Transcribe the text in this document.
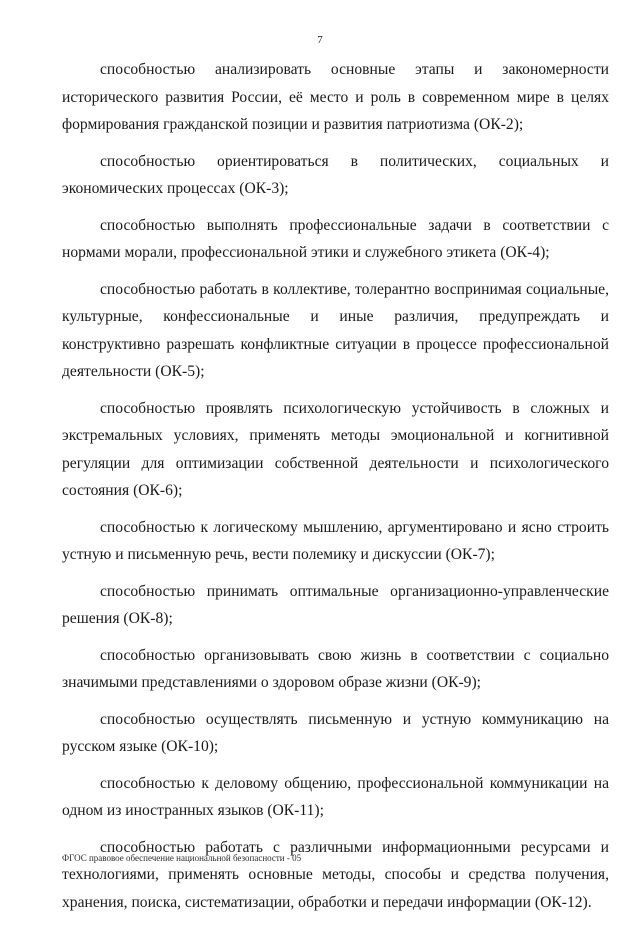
7

способностью анализировать основные этапы и закономерности исторического развития России, её место и роль в современном мире в целях формирования гражданской позиции и развития патриотизма (ОК-2);

способностью ориентироваться в политических, социальных и экономических процессах (ОК-3);

способностью выполнять профессиональные задачи в соответствии с нормами морали, профессиональной этики и служебного этикета (ОК-4);

способностью работать в коллективе, толерантно воспринимая социальные, культурные, конфессиональные и иные различия, предупреждать и конструктивно разрешать конфликтные ситуации в процессе профессиональной деятельности (ОК-5);

способностью проявлять психологическую устойчивость в сложных и экстремальных условиях, применять методы эмоциональной и когнитивной регуляции для оптимизации собственной деятельности и психологического состояния (ОК-6);

способностью к логическому мышлению, аргументировано и ясно строить устную и письменную речь, вести полемику и дискуссии (ОК-7);

способностью принимать оптимальные организационно-управленческие решения (ОК-8);

способностью организовывать свою жизнь в соответствии с социально значимыми представлениями о здоровом образе жизни (ОК-9);

способностью осуществлять письменную и устную коммуникацию на русском языке (ОК-10);

способностью к деловому общению, профессиональной коммуникации на одном из иностранных языков (ОК-11);

способностью работать с различными информационными ресурсами и технологиями, применять основные методы, способы и средства получения, хранения, поиска, систематизации, обработки и передачи информации (ОК-12).

ФГОС правовое обеспечение национальной безопасности - 05
